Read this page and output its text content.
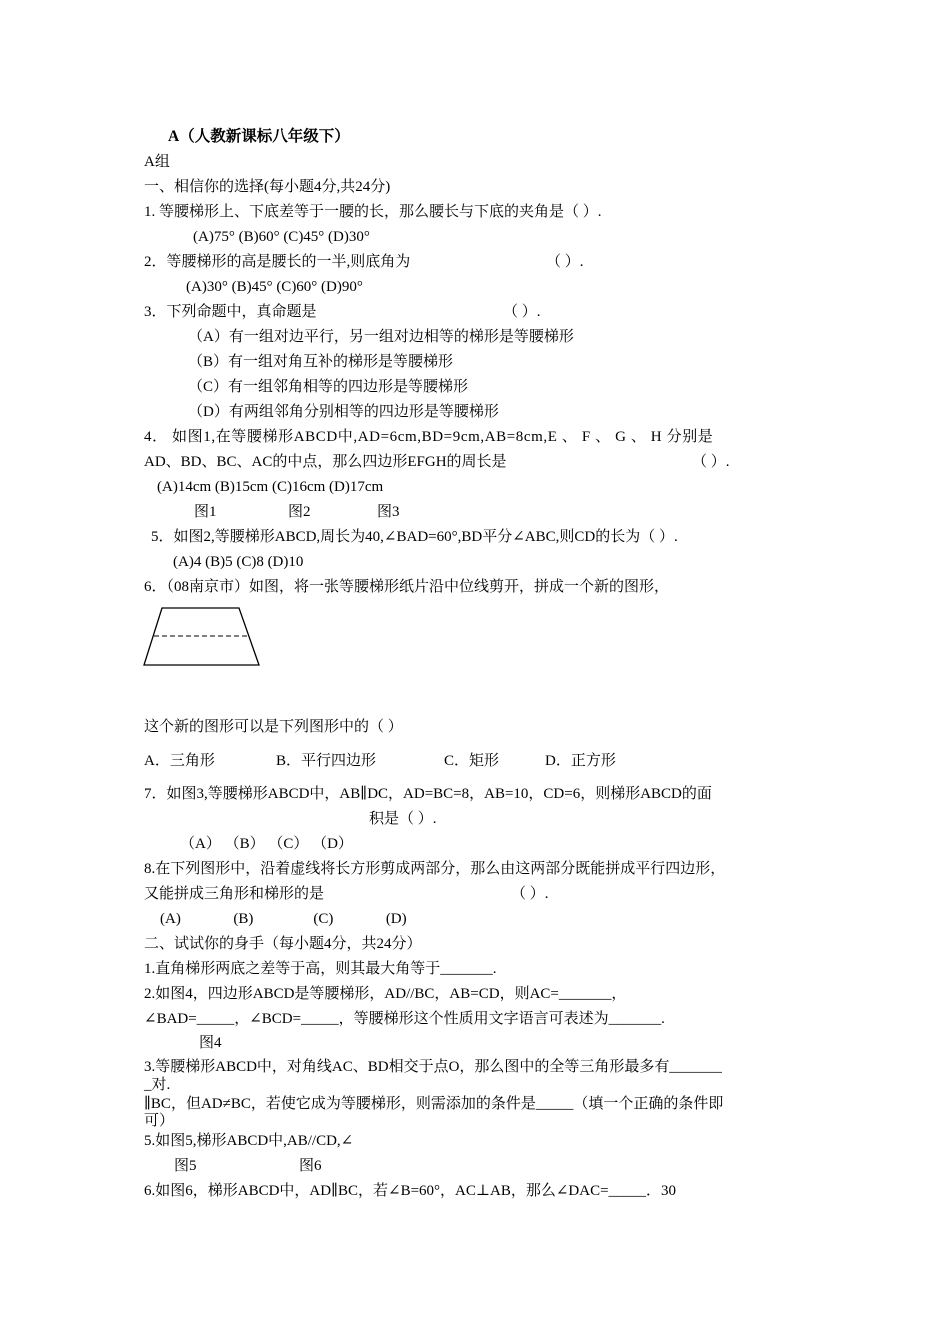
A（人教新课标八年级下）
A组
一、相信你的选择(每小题4分,共24分)
1. 等腰梯形上、下底差等于一腰的长，那么腰长与下底的夹角是（ ）.
(A)75° (B)60° (C)45° (D)30°
2．等腰梯形的高是腰长的一半,则底角为	（ ）.
(A)30° (B)45° (C)60° (D)90°
3．下列命题中，真命题是	（ ）.
（A）有一组对边平行，另一组对边相等的梯形是等腰梯形
（B）有一组对角互补的梯形是等腰梯形
（C）有一组邻角相等的四边形是等腰梯形
（D）有两组邻角分别相等的四边形是等腰梯形
4． 如图1,在等腰梯形ABCD中,AD=6cm,BD=9cm,AB=8cm,E 、 F 、 G 、 H 分别是
AD、BD、BC、AC的中点，那么四边形EFGH的周长是	（ ）.
(A)14cm (B)15cm (C)16cm (D)17cm
图1	图2	图3
5．如图2,等腰梯形ABCD,周长为40,∠BAD=60°,BD平分∠ABC,则CD的长为（ ）.
(A)4 (B)5 (C)8 (D)10
6．（08南京市）如图，将一张等腰梯形纸片沿中位线剪开，拼成一个新的图形，
这个新的图形可以是下列图形中的（ ）
A．三角形	B．平行四边形	C．矩形	D．正方形
7．如图3,等腰梯形ABCD中，AB∥DC，AD=BC=8，AB=10，CD=6，则梯形ABCD的面
积是（ ）.
（A） （B） （C） （D）
8.在下列图形中，沿着虚线将长方形剪成两部分，那么由这两部分既能拼成平行四边形，
又能拼成三角形和梯形的是	（ ）.
(A)              (B)                (C)              (D)
二、试试你的身手（每小题4分，共24分）
1.直角梯形两底之差等于高，则其最大角等于_______.
2.如图4，四边形ABCD是等腰梯形，AD//BC，AB=CD，则AC=_______，
∠BAD=_____，∠BCD=_____，等腰梯形这个性质用文字语言可表述为_______.
图4
3.等腰梯形ABCD中，对角线AC、BD相交于点O，那么图中的全等三角形最多有_______
_对.
∥BC，但AD≠BC，若使它成为等腰梯形，则需添加的条件是_____（填一个正确的条件即
可）
5.如图5,梯形ABCD中,AB//CD,∠
图5	图6
6.如图6，梯形ABCD中，AD∥BC，若∠B=60°，AC⊥AB，那么∠DAC=_____．30
